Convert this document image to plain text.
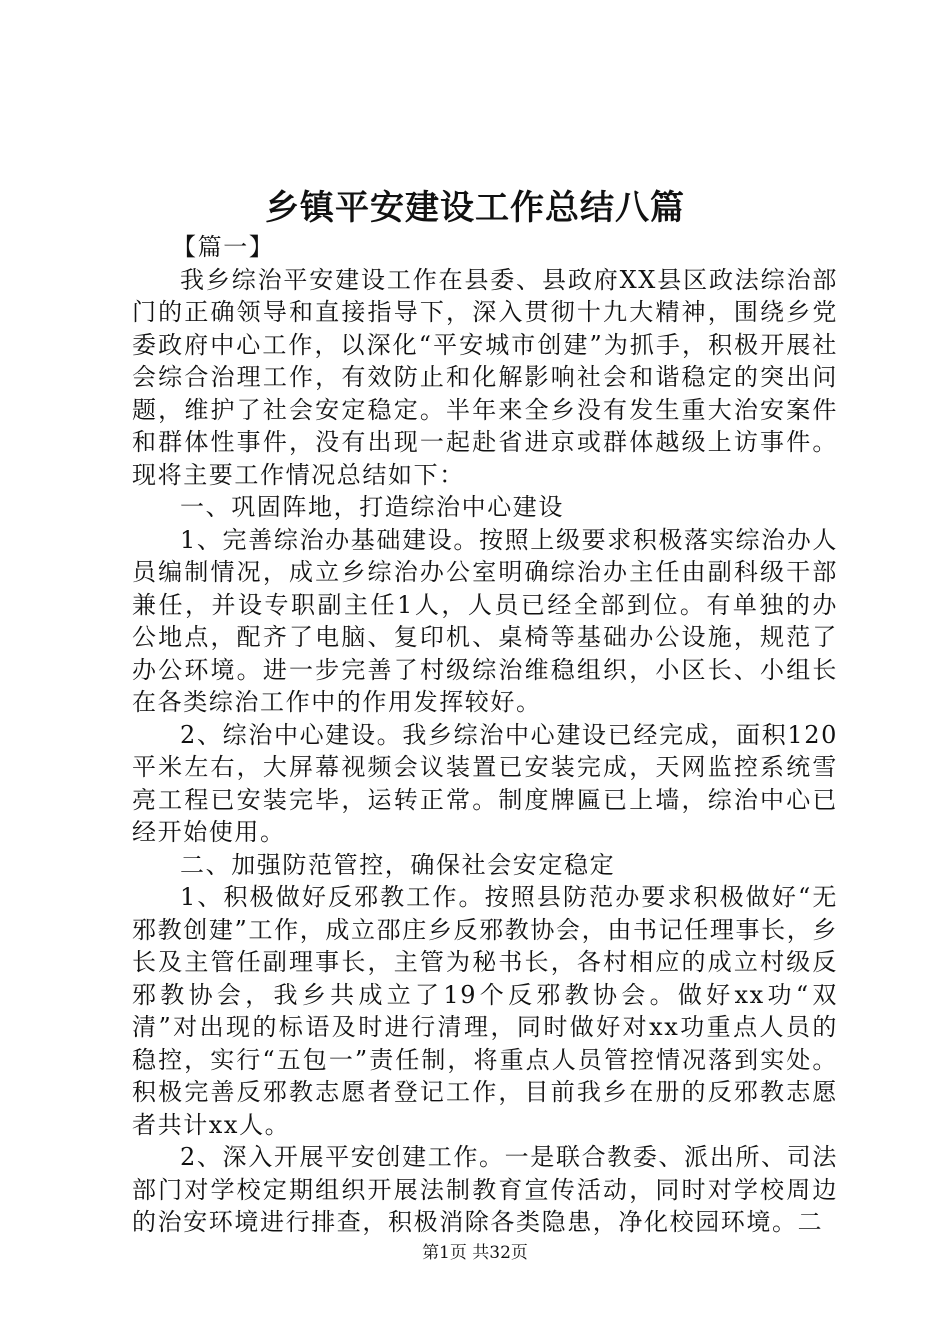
乡镇平安建设工作总结八篇

【篇一】

我乡综治平安建设工作在县委、县政府XX县区政法综治部门的正确领导和直接指导下，深入贯彻十九大精神，围绕乡党委政府中心工作，以深化“平安城市创建”为抓手，积极开展社会综合治理工作，有效防止和化解影响社会和谐稳定的突出问题，维护了社会安定稳定。半年来全乡没有发生重大治安案件和群体性事件，没有出现一起赴省进京或群体越级上访事件。现将主要工作情况总结如下：

一、巩固阵地，打造综治中心建设

1、完善综治办基础建设。按照上级要求积极落实综治办人员编制情况，成立乡综治办公室明确综治办主任由副科级干部兼任，并设专职副主任1人，人员已经全部到位。有单独的办公地点，配齐了电脑、复印机、桌椅等基础办公设施，规范了办公环境。进一步完善了村级综治维稳组织，小区长、小组长在各类综治工作中的作用发挥较好。

2、综治中心建设。我乡综治中心建设已经完成，面积120平米左右，大屏幕视频会议装置已安装完成，天网监控系统雪亮工程已安装完毕，运转正常。制度牌匾已上墙，综治中心已经开始使用。

二、加强防范管控，确保社会安定稳定

1、积极做好反邪教工作。按照县防范办要求积极做好“无邪教创建”工作，成立邵庄乡反邪教协会，由书记任理事长，乡长及主管任副理事长，主管为秘书长，各村相应的成立村级反邪教协会，我乡共成立了19个反邪教协会。做好xx功“双清”对出现的标语及时进行清理，同时做好对xx功重点人员的稳控，实行“五包一”责任制，将重点人员管控情况落到实处。积极完善反邪教志愿者登记工作，目前我乡在册的反邪教志愿者共计xx人。

2、深入开展平安创建工作。一是联合教委、派出所、司法部门对学校定期组织开展法制教育宣传活动，同时对学校周边的治安环境进行排查，积极消除各类隐患，净化校园环境。二

第1页 共32页
